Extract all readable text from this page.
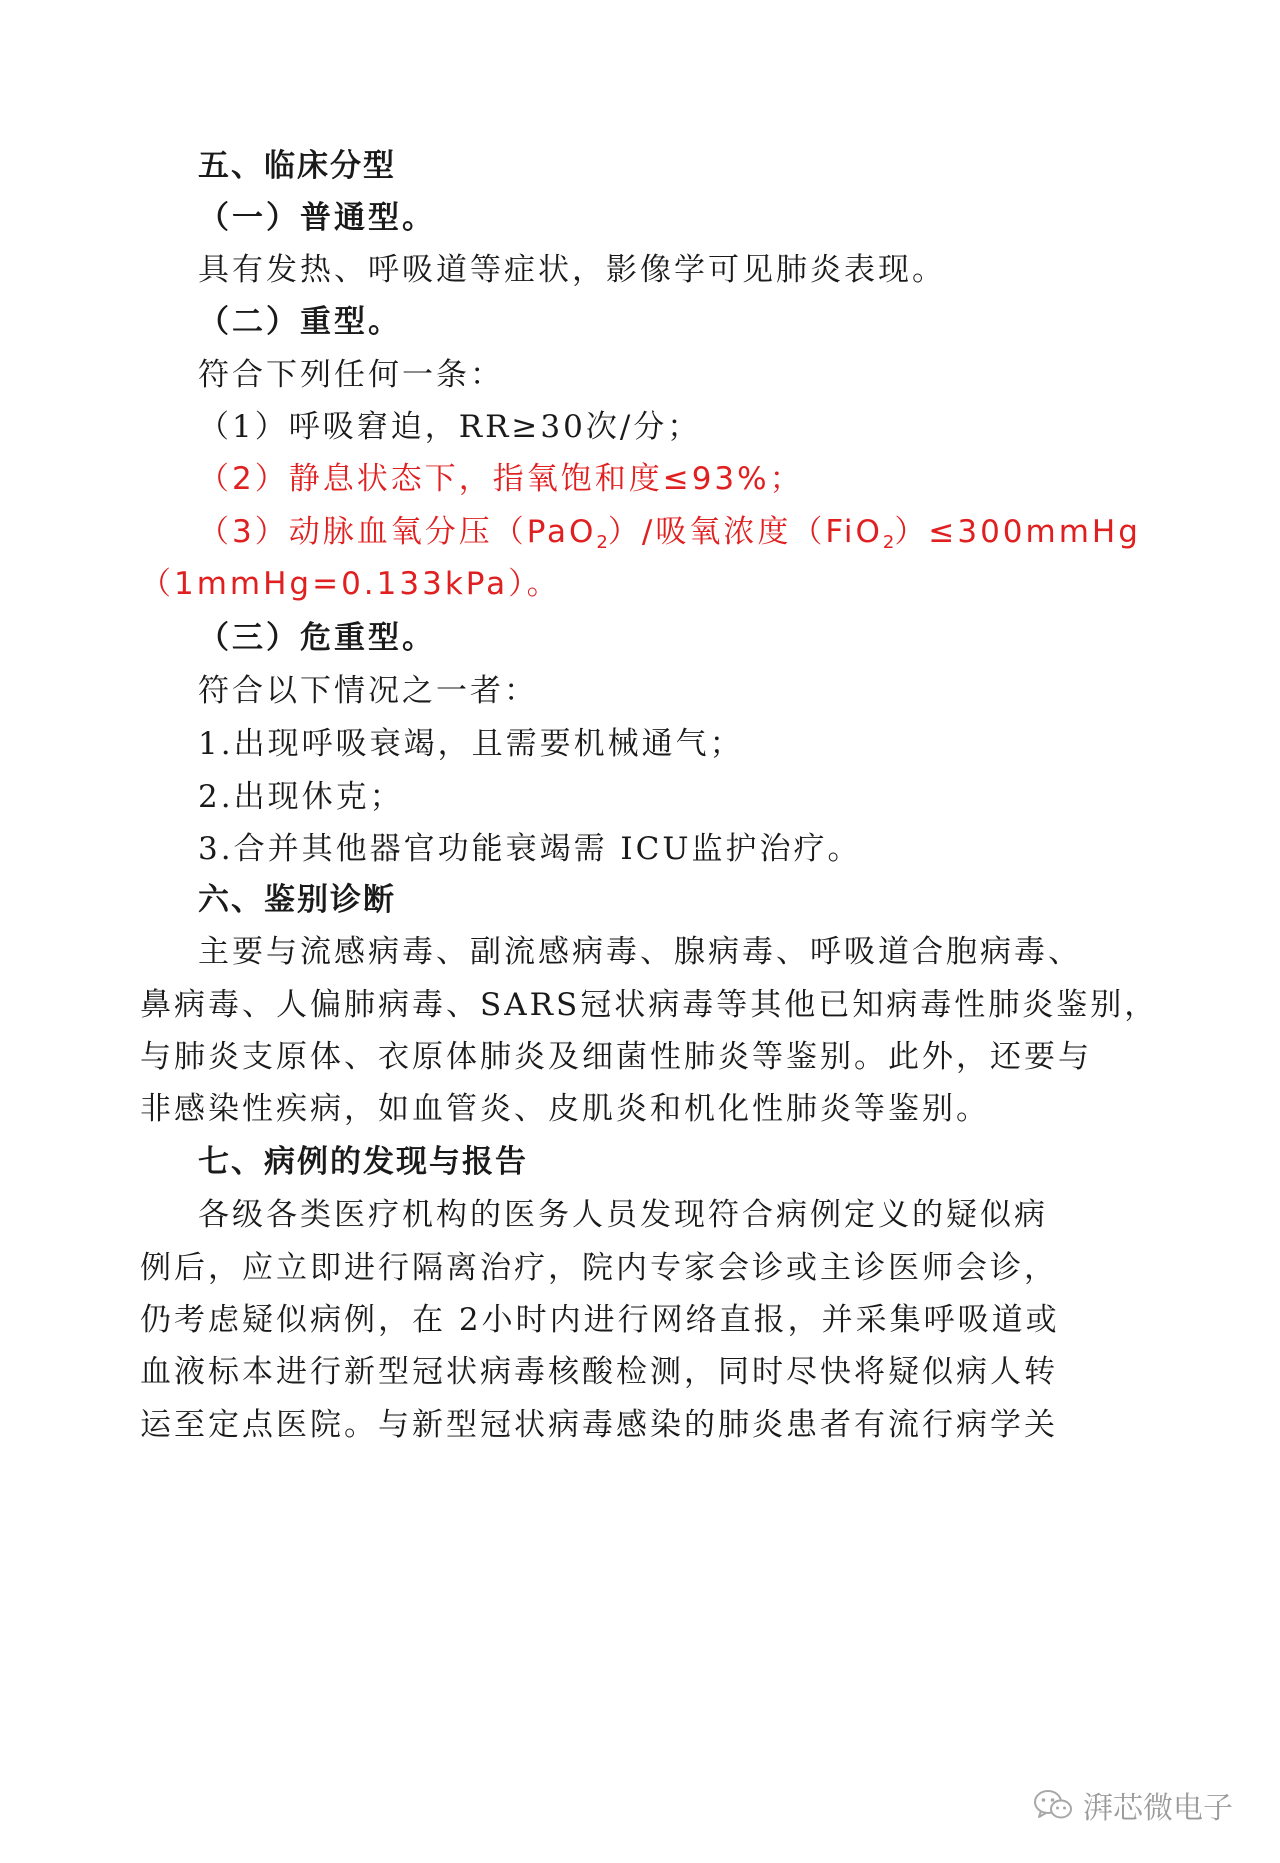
五、临床分型
（一）普通型。
具有发热、呼吸道等症状，影像学可见肺炎表现。
（二）重型。
符合下列任何一条：
（1）呼吸窘迫，RR≥30次/分；
（2）静息状态下，指氧饱和度≤93%；
（3）动脉血氧分压（PaO$_2$）/吸氧浓度（FiO$_2$）≤300mmHg
（1mmHg=0.133kPa）。
（三）危重型。
符合以下情况之一者：
1.出现呼吸衰竭，且需要机械通气；
2.出现休克；
3.合并其他器官功能衰竭需 ICU监护治疗。
六、鉴别诊断
主要与流感病毒、副流感病毒、腺病毒、呼吸道合胞病毒、
鼻病毒、人偏肺病毒、SARS冠状病毒等其他已知病毒性肺炎鉴别，
与肺炎支原体、衣原体肺炎及细菌性肺炎等鉴别。此外，还要与
非感染性疾病，如血管炎、皮肌炎和机化性肺炎等鉴别。
七、病例的发现与报告
各级各类医疗机构的医务人员发现符合病例定义的疑似病
例后，应立即进行隔离治疗，院内专家会诊或主诊医师会诊，
仍考虑疑似病例，在 2小时内进行网络直报，并采集呼吸道或
血液标本进行新型冠状病毒核酸检测，同时尽快将疑似病人转
运至定点医院。与新型冠状病毒感染的肺炎患者有流行病学关
湃芯微电子
